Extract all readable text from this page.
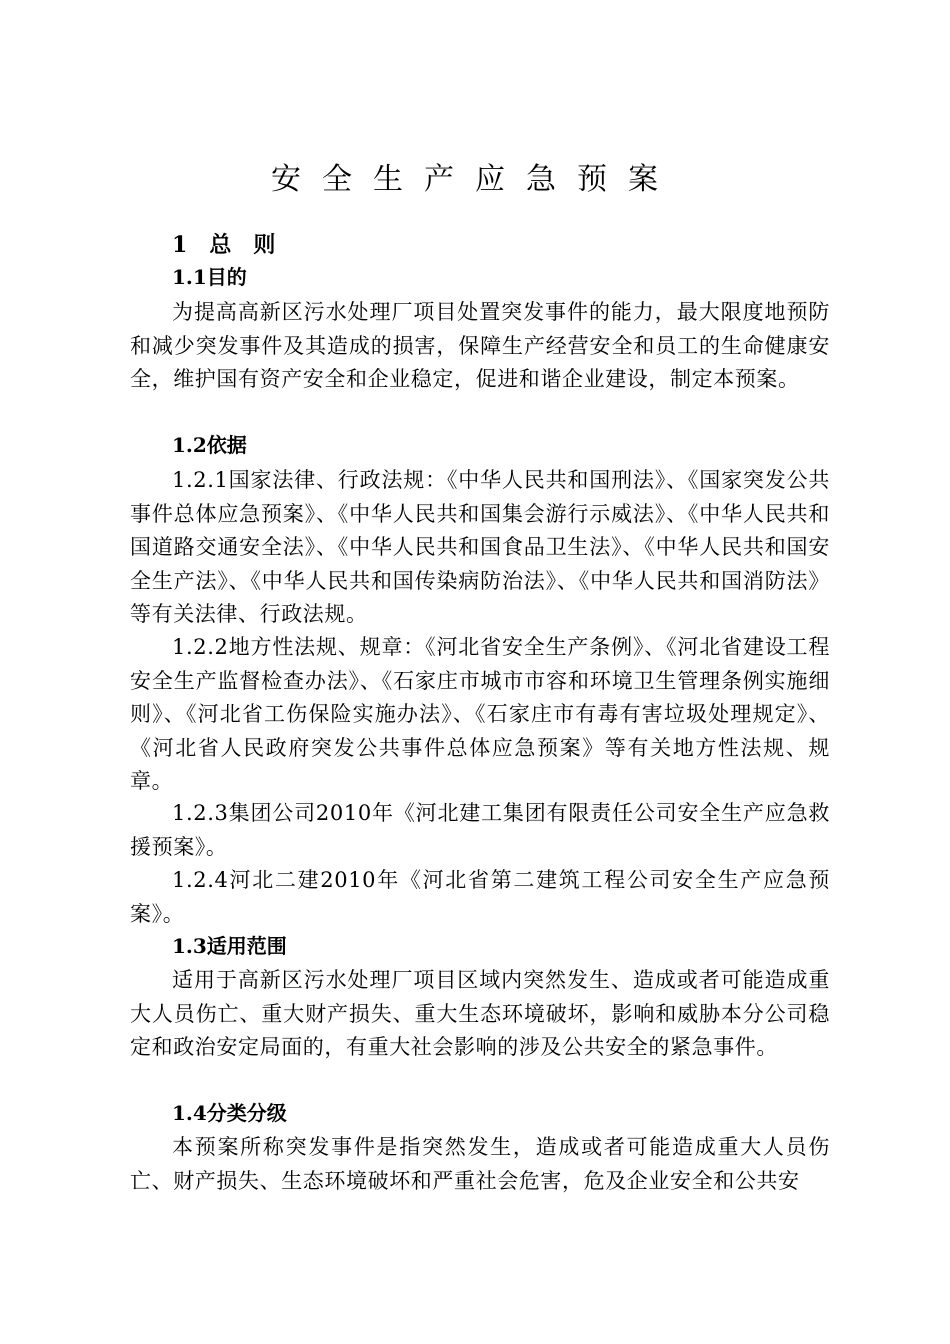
安全生产应急预案
1 总　则
1.1目的
为提高高新区污水处理厂项目处置突发事件的能力，最大限度地预防和减少突发事件及其造成的损害，保障生产经营安全和员工的生命健康安全，维护国有资产安全和企业稳定，促进和谐企业建设，制定本预案。
1.2依据
1.2.1国家法律、行政法规：《中华人民共和国刑法》、《国家突发公共事件总体应急预案》、《中华人民共和国集会游行示威法》、《中华人民共和国道路交通安全法》、《中华人民共和国食品卫生法》、《中华人民共和国安全生产法》、《中华人民共和国传染病防治法》、《中华人民共和国消防法》等有关法律、行政法规。
1.2.2地方性法规、规章：《河北省安全生产条例》、《河北省建设工程安全生产监督检查办法》、《石家庄市城市市容和环境卫生管理条例实施细则》、《河北省工伤保险实施办法》、《石家庄市有毒有害垃圾处理规定》、《河北省人民政府突发公共事件总体应急预案》等有关地方性法规、规章。
1.2.3集团公司2010年《河北建工集团有限责任公司安全生产应急救援预案》。
1.2.4河北二建2010年《河北省第二建筑工程公司安全生产应急预案》。
1.3适用范围
适用于高新区污水处理厂项目区域内突然发生、造成或者可能造成重大人员伤亡、重大财产损失、重大生态环境破坏，影响和威胁本分公司稳定和政治安定局面的，有重大社会影响的涉及公共安全的紧急事件。
1.4分类分级
本预案所称突发事件是指突然发生，造成或者可能造成重大人员伤亡、财产损失、生态环境破坏和严重社会危害，危及企业安全和公共安
